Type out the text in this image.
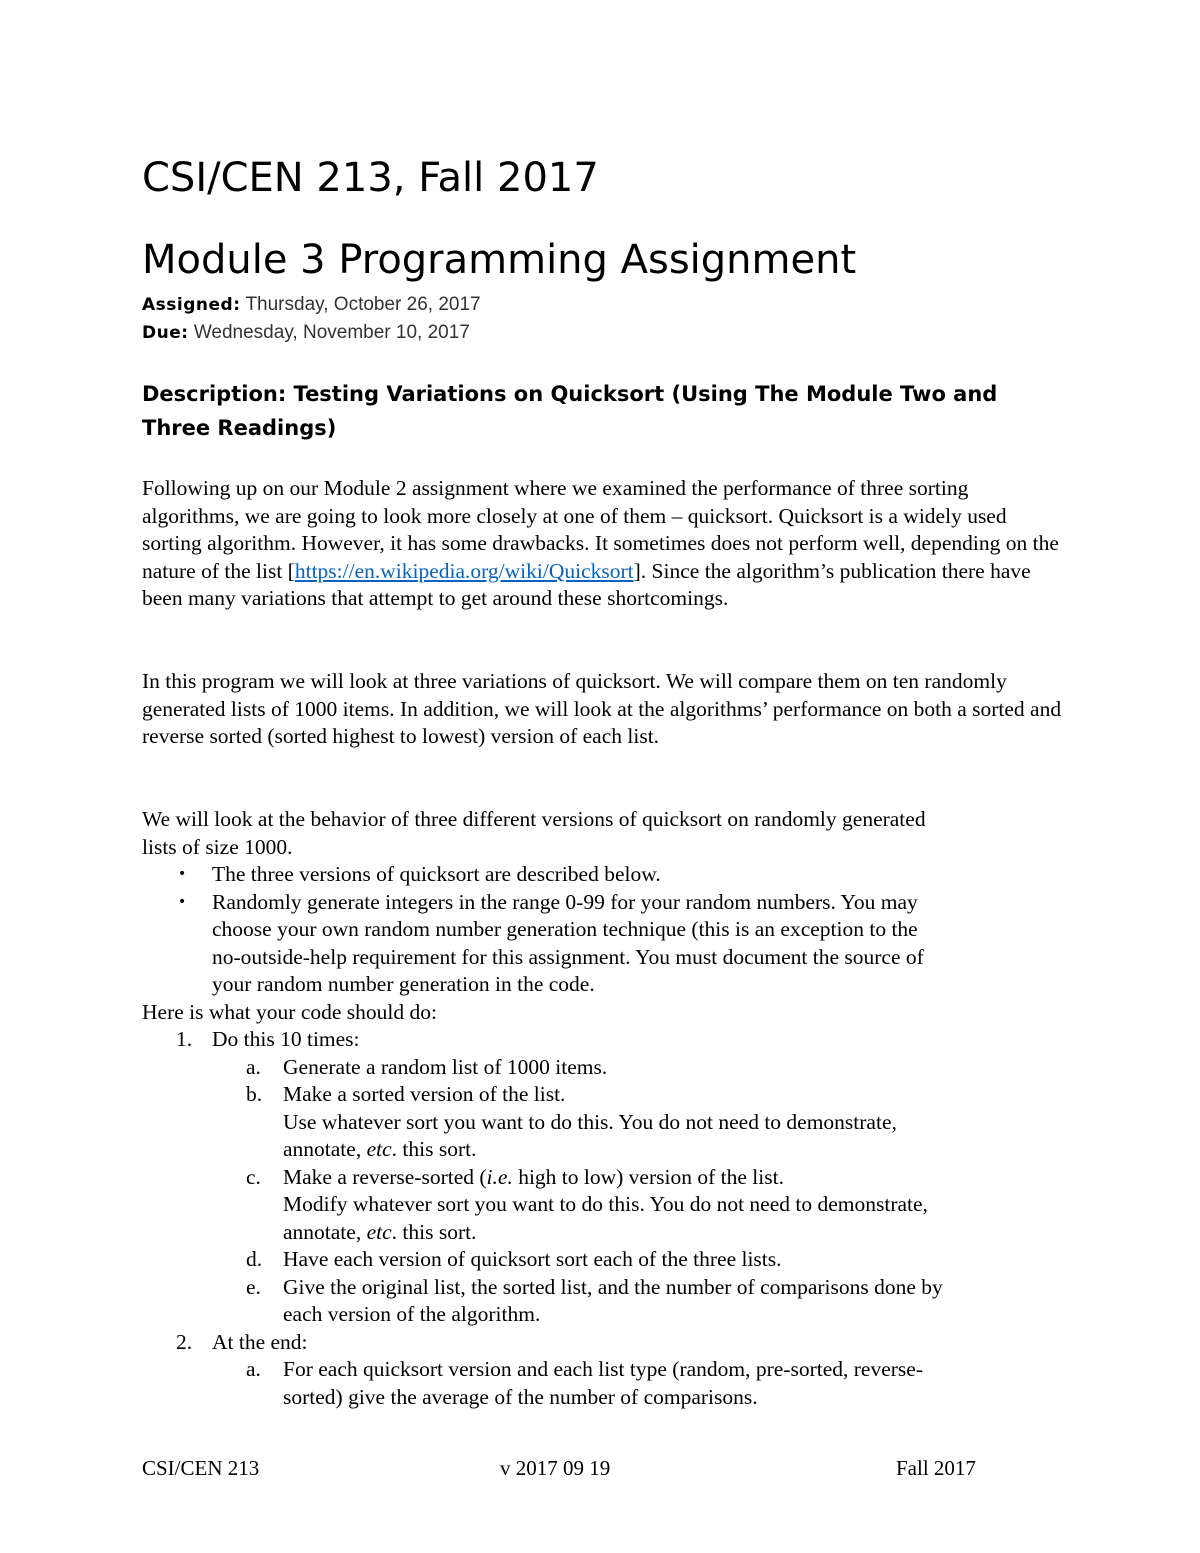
CSI/CEN 213, Fall 2017
Module 3 Programming Assignment
Assigned: Thursday, October 26, 2017
Due: Wednesday, November 10, 2017
Description: Testing Variations on Quicksort (Using The Module Two and Three Readings)

Following up on our Module 2 assignment where we examined the performance of three sorting algorithms, we are going to look more closely at one of them – quicksort. Quicksort is a widely used sorting algorithm. However, it has some drawbacks. It sometimes does not perform well, depending on the nature of the list [https://en.wikipedia.org/wiki/Quicksort]. Since the algorithm’s publication there have been many variations that attempt to get around these shortcomings.

In this program we will look at three variations of quicksort. We will compare them on ten randomly generated lists of 1000 items. In addition, we will look at the algorithms’ performance on both a sorted and reverse sorted (sorted highest to lowest) version of each list.

We will look at the behavior of three different versions of quicksort on randomly generated
lists of size 1000.
• The three versions of quicksort are described below.
• Randomly generate integers in the range 0-99 for your random numbers. You may
choose your own random number generation technique (this is an exception to the
no-outside-help requirement for this assignment. You must document the source of
your random number generation in the code.
Here is what your code should do:
1. Do this 10 times:
a. Generate a random list of 1000 items.
b. Make a sorted version of the list.
Use whatever sort you want to do this. You do not need to demonstrate,
annotate, etc. this sort.
c. Make a reverse-sorted (i.e. high to low) version of the list.
Modify whatever sort you want to do this. You do not need to demonstrate,
annotate, etc. this sort.
d. Have each version of quicksort sort each of the three lists.
e. Give the original list, the sorted list, and the number of comparisons done by
each version of the algorithm.
2. At the end:
a. For each quicksort version and each list type (random, pre-sorted, reverse-
sorted) give the average of the number of comparisons.
CSI/CEN 213	v 2017 09 19	Fall 2017
